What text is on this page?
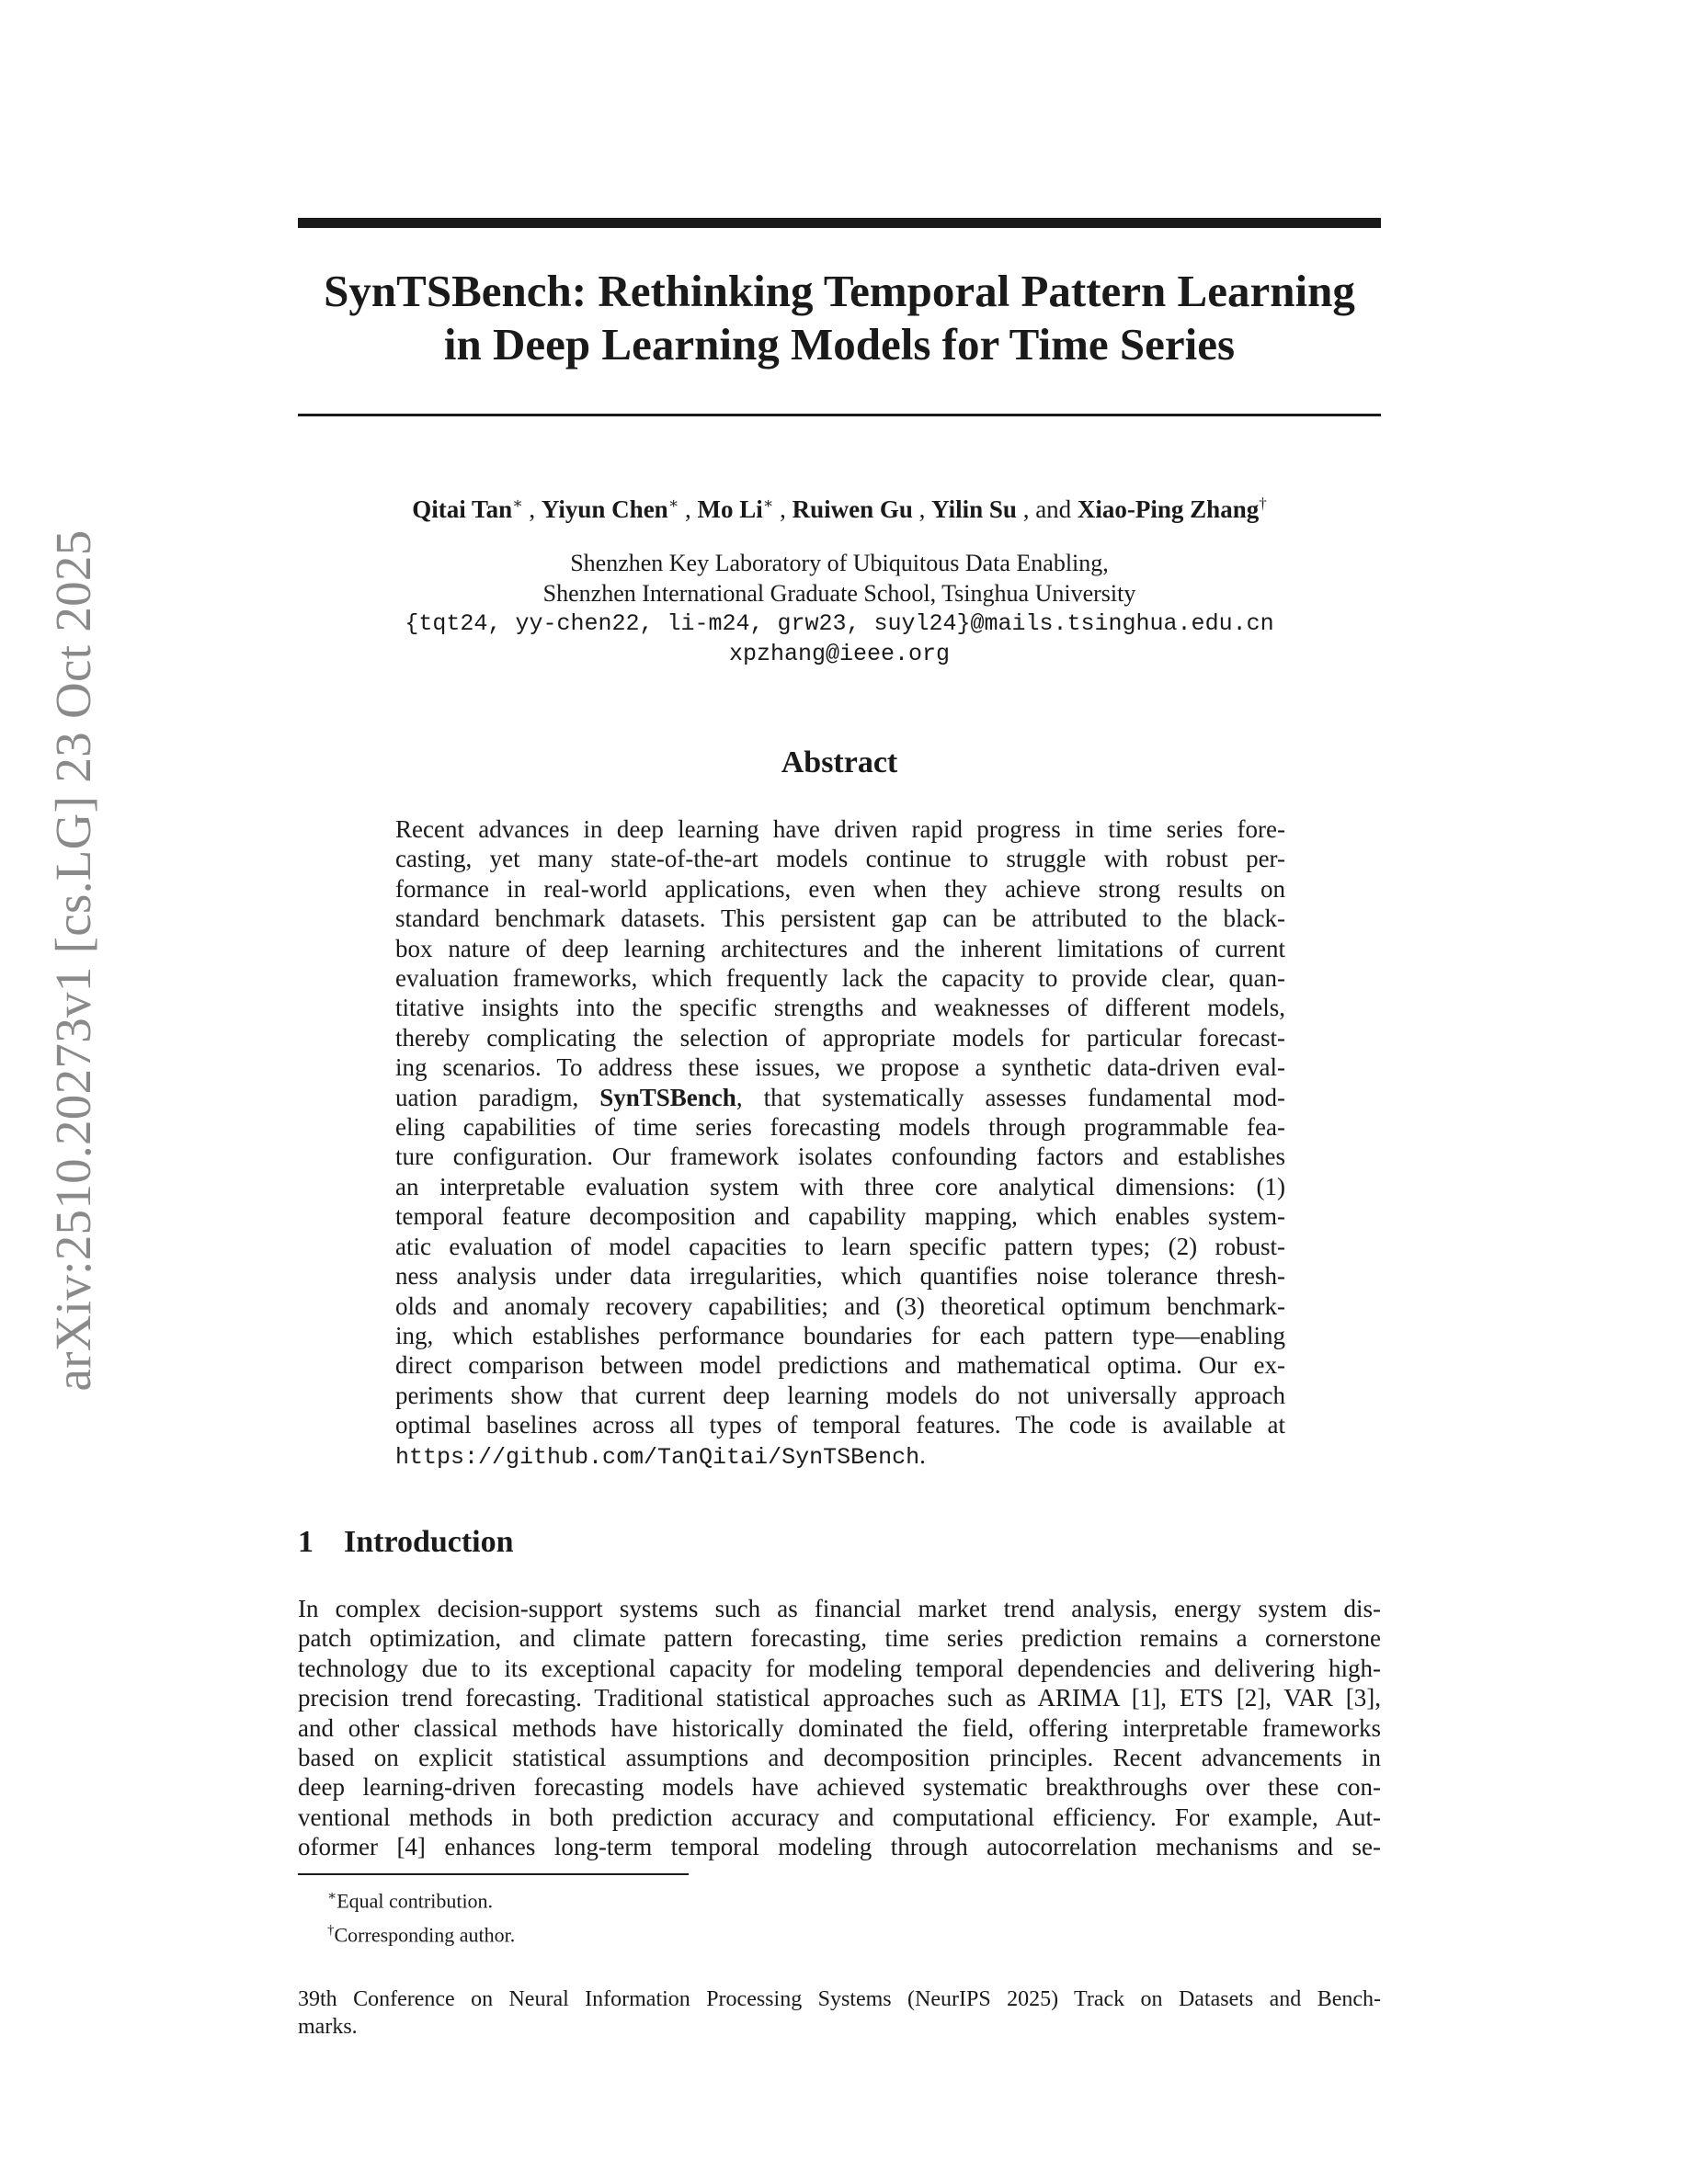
arXiv:2510.20273v1 [cs.LG] 23 Oct 2025
SynTSBench: Rethinking Temporal Pattern Learning
in Deep Learning Models for Time Series
Qitai Tan∗ , Yiyun Chen∗ , Mo Li∗ , Ruiwen Gu , Yilin Su , and Xiao-Ping Zhang†
Shenzhen Key Laboratory of Ubiquitous Data Enabling,
Shenzhen International Graduate School, Tsinghua University
{tqt24, yy-chen22, li-m24, grw23, suyl24}@mails.tsinghua.edu.cn
xpzhang@ieee.org
Abstract
Recent advances in deep learning have driven rapid progress in time series fore-
casting, yet many state-of-the-art models continue to struggle with robust per-
formance in real-world applications, even when they achieve strong results on
standard benchmark datasets. This persistent gap can be attributed to the black-
box nature of deep learning architectures and the inherent limitations of current
evaluation frameworks, which frequently lack the capacity to provide clear, quan-
titative insights into the specific strengths and weaknesses of different models,
thereby complicating the selection of appropriate models for particular forecast-
ing scenarios. To address these issues, we propose a synthetic data-driven eval-
uation paradigm, SynTSBench, that systematically assesses fundamental mod-
eling capabilities of time series forecasting models through programmable fea-
ture configuration. Our framework isolates confounding factors and establishes
an interpretable evaluation system with three core analytical dimensions: (1)
temporal feature decomposition and capability mapping, which enables system-
atic evaluation of model capacities to learn specific pattern types; (2) robust-
ness analysis under data irregularities, which quantifies noise tolerance thresh-
olds and anomaly recovery capabilities; and (3) theoretical optimum benchmark-
ing, which establishes performance boundaries for each pattern type—enabling
direct comparison between model predictions and mathematical optima. Our ex-
periments show that current deep learning models do not universally approach
optimal baselines across all types of temporal features. The code is available at
https://github.com/TanQitai/SynTSBench.
1 Introduction
In complex decision-support systems such as financial market trend analysis, energy system dis-
patch optimization, and climate pattern forecasting, time series prediction remains a cornerstone
technology due to its exceptional capacity for modeling temporal dependencies and delivering high-
precision trend forecasting. Traditional statistical approaches such as ARIMA [1], ETS [2], VAR [3],
and other classical methods have historically dominated the field, offering interpretable frameworks
based on explicit statistical assumptions and decomposition principles. Recent advancements in
deep learning-driven forecasting models have achieved systematic breakthroughs over these con-
ventional methods in both prediction accuracy and computational efficiency. For example, Aut-
oformer [4] enhances long-term temporal modeling through autocorrelation mechanisms and se-
∗Equal contribution.
†Corresponding author.
39th Conference on Neural Information Processing Systems (NeurIPS 2025) Track on Datasets and Bench-
marks.
